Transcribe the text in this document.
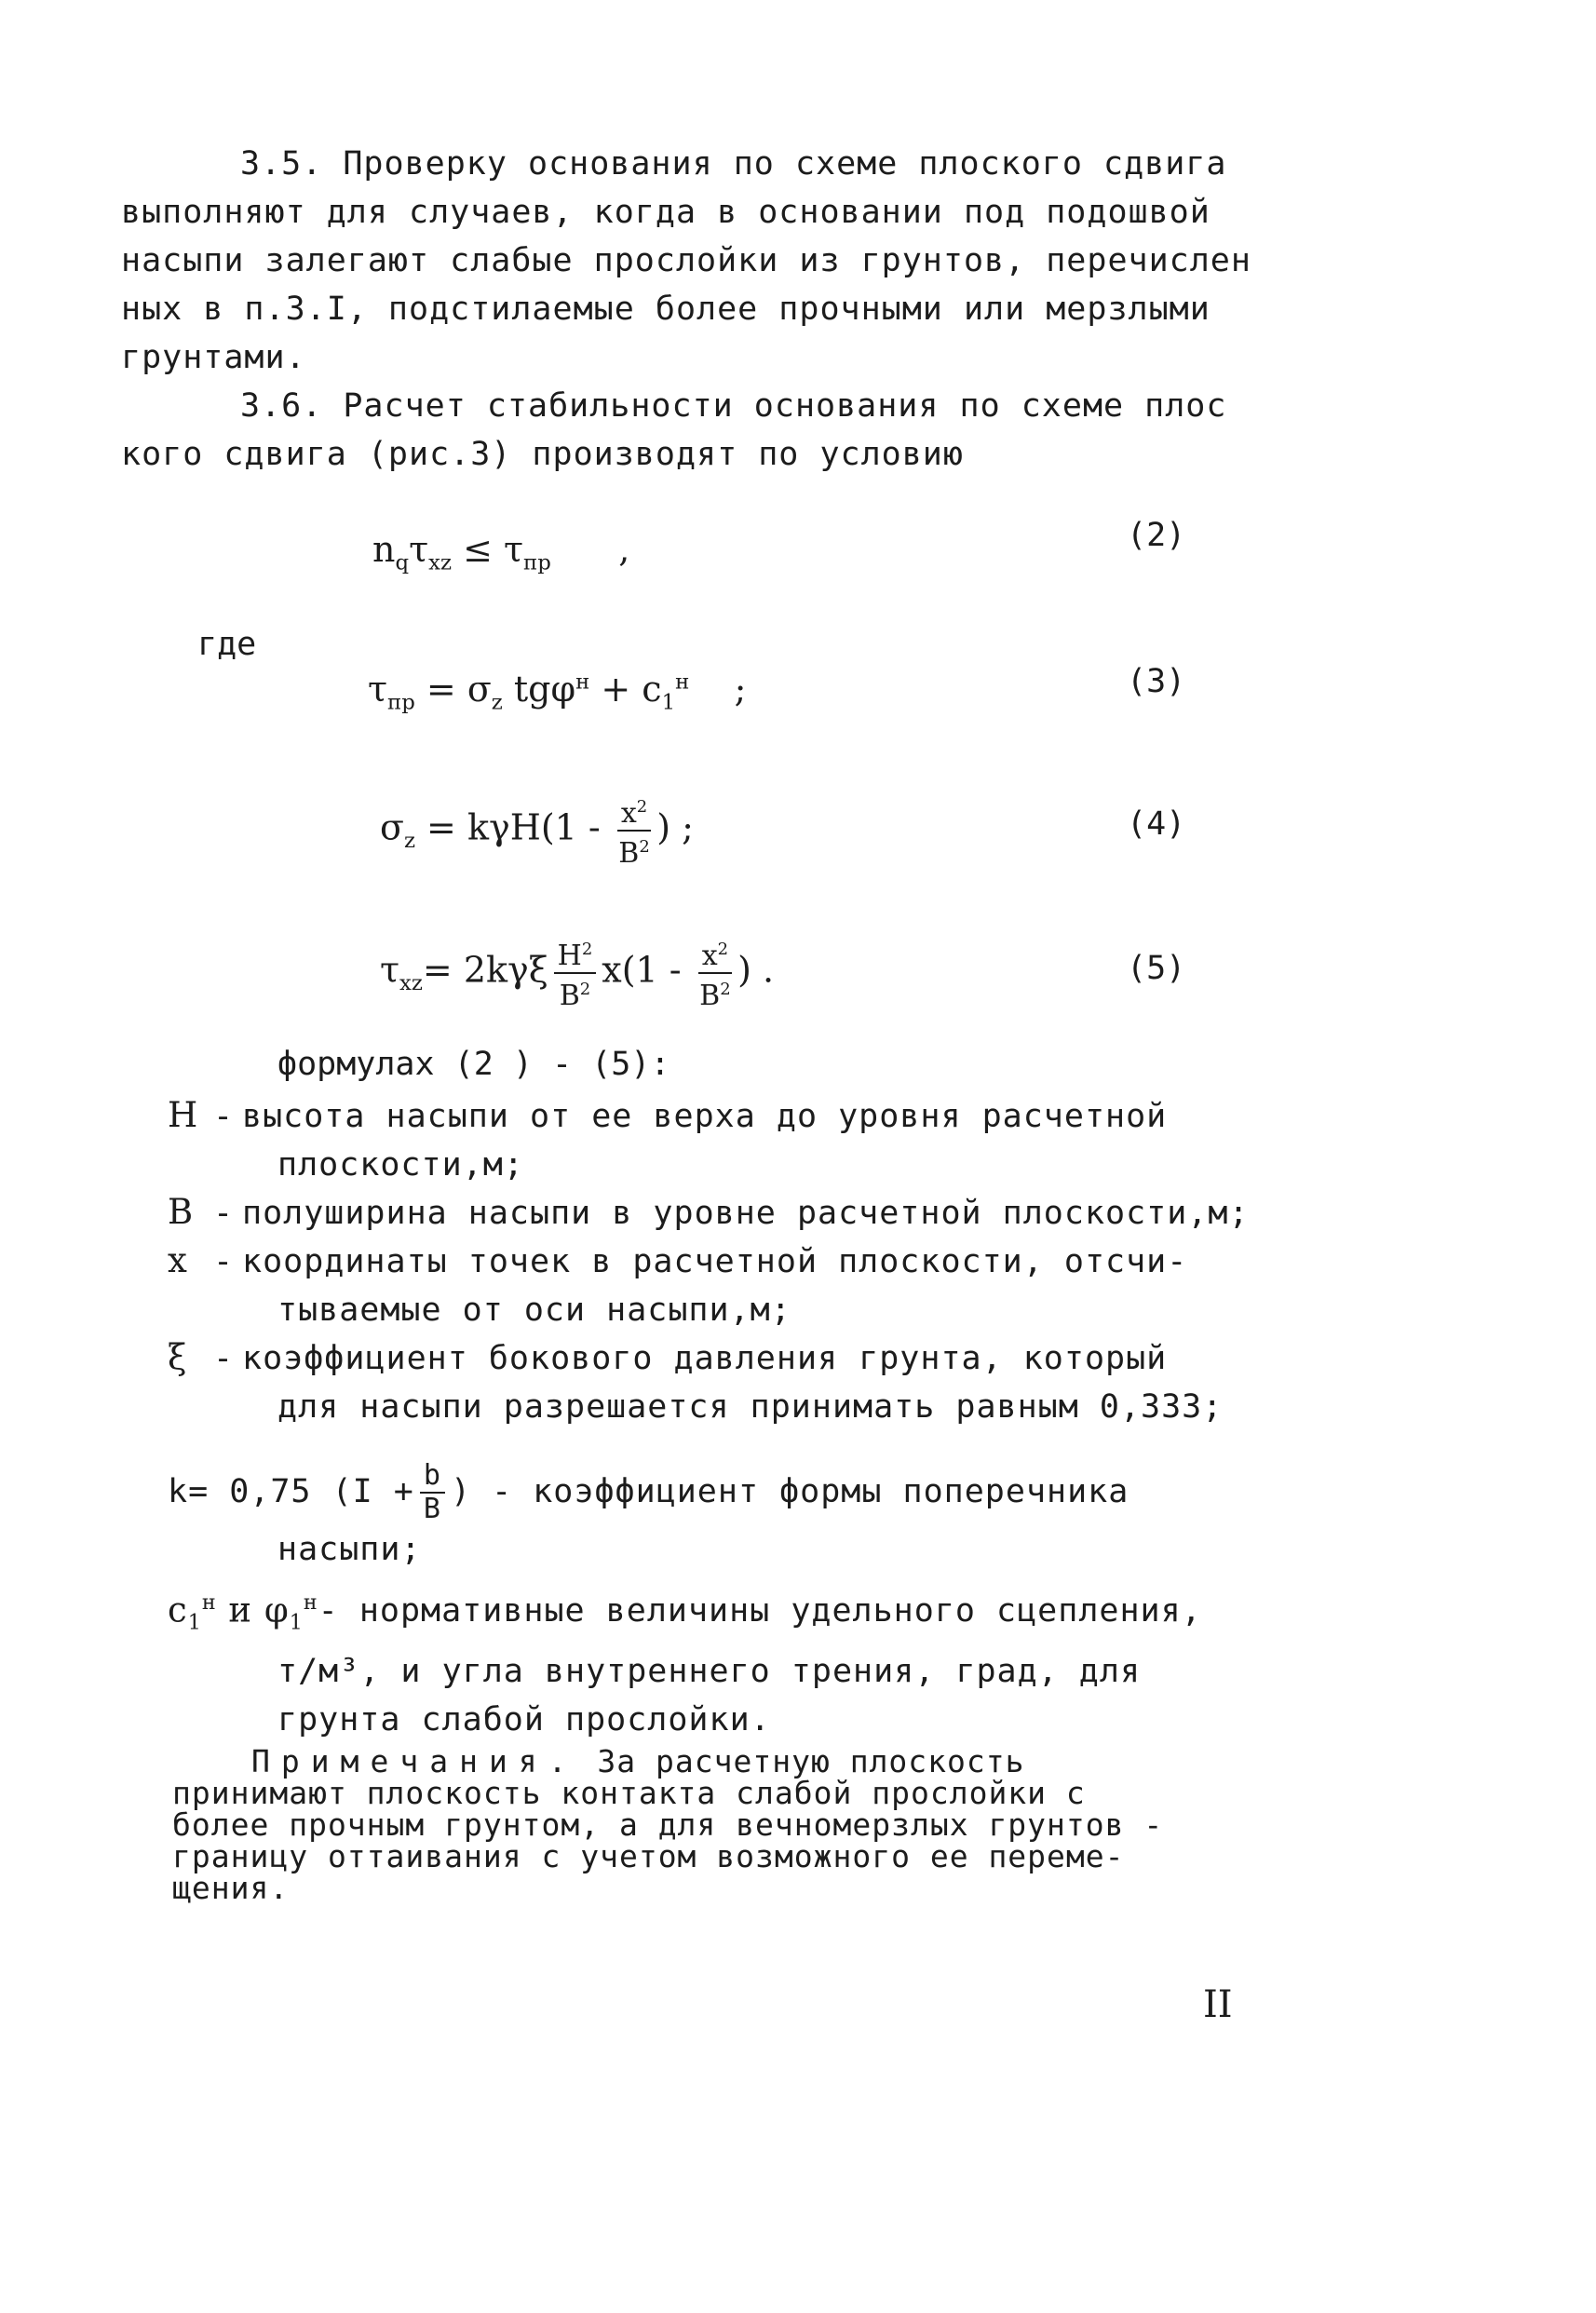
3.5. Проверку основания по схеме плоского сдвига
выполняют для случаев, когда в основании под подошвой
насыпи залегают слабые прослойки из грунтов, перечислен
ных в п.3.I, подстилаемые более прочными или мерзлыми
грунтами.

3.6. Расчет стабильности основания по схеме плос
кого сдвига (рис.3) производят по условию

$n_q\tau_{xz} \le \tau_{пр}$      ,	(2)
где
$\tau_{пр} = \sigma_z$ $tg\varphi^н + c_1^н$    ;	(3)
$\sigma_z = k\gamma H(1 - \frac{x^2}{B^2}$ ) ;	(4)
$\tau_{xz}= 2k\gamma\xi \frac{H^2}{B^2} x(1 - \frac{x^2}{B^2}$ ) .	(5)
формулах (2 ) - (5):
H - высота насыпи от ее верха до уровня расчетной
плоскости,м;
B - полуширина насыпи в уровне расчетной плоскости,м;
x - координаты точек в расчетной плоскости, отсчи-
тываемые от оси насыпи,м;
ξ - коэффициент бокового давления грунта, который
для насыпи разрешается принимать равным 0,333;
k= 0,75 ($I + \frac{b}{B}$ ) - коэффициент формы поперечника
насыпи;
$c_1^н$ и $\varphi_1^н-$ нормативные величины удельного сцепления,
т/м³, и угла внутреннего трения, град, для
грунта слабой прослойки.
Примечания. За расчетную плоскость
принимают плоскость контакта слабой прослойки с
более прочным грунтом, а для вечномерзлых грунтов -
границу оттаивания с учетом возможного ее переме-
щения.
II
